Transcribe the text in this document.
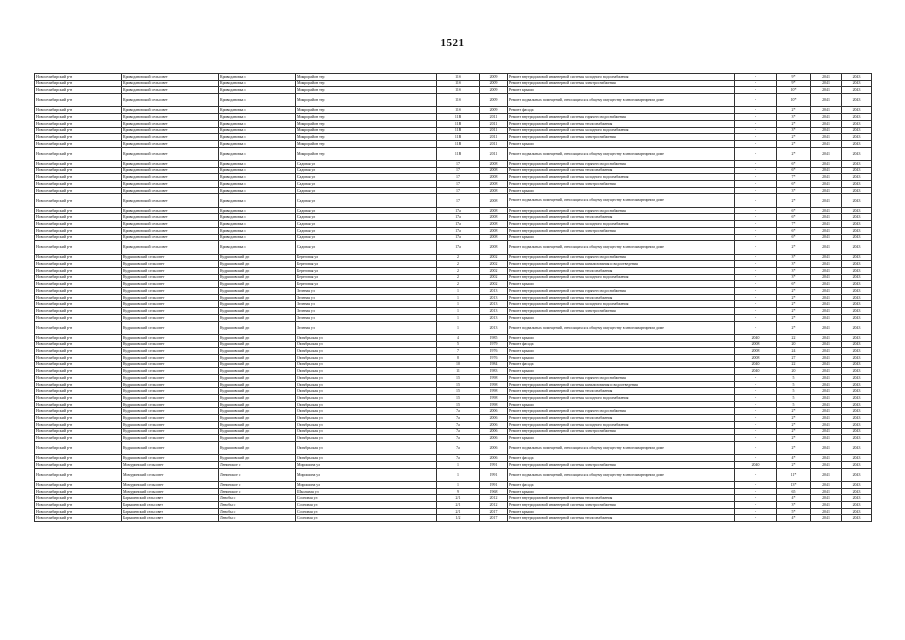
1521
Новоселибирский р-н	Криводановский сельсовет	Криводановка с	Микрорайон тер	11б	2009	Ремонт внутридомовой инженерной системы холодного водоснабжения	-	9*	2041	2043
Новоселибирский р-н	Криводановский сельсовет	Криводановка с	Микрорайон тер	11б	2009	Ремонт внутридомовой инженерной системы электроснабжения	-	9*	2041	2043
Новоселибирский р-н	Криводановский сельсовет	Криводановка с	Микрорайон тер	11б	2009	Ремонт крыши	-	10*	2041	2043
Новоселибирский р-н	Криводановский сельсовет	Криводановка с	Микрорайон тер	11б	2009	Ремонт подвальных помещений, относящихся к общему имуществу в многоквартирном доме	-	10*	2041	2043
Новоселибирский р-н	Криводановский сельсовет	Криводановка с	Микрорайон тер	11б	2009	Ремонт фасада	-	2*	2041	2043
Новоселибирский р-н	Криводановский сельсовет	Криводановка с	Микрорайон тер	11В	2011	Ремонт внутридомовой инженерной системы горячего водоснабжения	-	3*	2041	2043
Новоселибирский р-н	Криводановский сельсовет	Криводановка с	Микрорайон тер	11В	2011	Ремонт внутридомовой инженерной системы теплоснабжения	-	2*	2041	2043
Новоселибирский р-н	Криводановский сельсовет	Криводановка с	Микрорайон тер	11В	2011	Ремонт внутридомовой инженерной системы холодного водоснабжения	-	3*	2041	2043
Новоселибирский р-н	Криводановский сельсовет	Криводановка с	Микрорайон тер	11В	2011	Ремонт внутридомовой инженерной системы электроснабжения	-	2*	2041	2043
Новоселибирский р-н	Криводановский сельсовет	Криводановка с	Микрорайон тер	11В	2011	Ремонт крыши	-	2*	2041	2043
Новоселибирский р-н	Криводановский сельсовет	Криводановка с	Микрорайон тер	11В	2011	Ремонт подвальных помещений, относящихся к общему имуществу в многоквартирном доме	-	2*	2041	2043
Новоселибирский р-н	Криводановский сельсовет	Криводановка с	Садовая ул	17	2008	Ремонт внутридомовой инженерной системы горячего водоснабжения	-	6*	2041	2043
Новоселибирский р-н	Криводановский сельсовет	Криводановка с	Садовая ул	17	2008	Ремонт внутридомовой инженерной системы теплоснабжения	-	6*	2041	2043
Новоселибирский р-н	Криводановский сельсовет	Криводановка с	Садовая ул	17	2008	Ремонт внутридомовой инженерной системы холодного водоснабжения	-	7*	2041	2043
Новоселибирский р-н	Криводановский сельсовет	Криводановка с	Садовая ул	17	2008	Ремонт внутридомовой инженерной системы электроснабжения	-	6*	2041	2043
Новоселибирский р-н	Криводановский сельсовет	Криводановка с	Садовая ул	17	2008	Ремонт крыши	-	3*	2041	2043
Новоселибирский р-н	Криводановский сельсовет	Криводановка с	Садовая ул	17	2008	Ремонт подвальных помещений, относящихся к общему имуществу в многоквартирном доме	-	2*	2041	2043
Новоселибирский р-н	Криводановский сельсовет	Криводановка с	Садовая ул	17а	2008	Ремонт внутридомовой инженерной системы горячего водоснабжения	-	6*	2041	2043
Новоселибирский р-н	Криводановский сельсовет	Криводановка с	Садовая ул	17а	2008	Ремонт внутридомовой инженерной системы теплоснабжения	-	6*	2041	2043
Новоселибирский р-н	Криводановский сельсовет	Криводановка с	Садовая ул	17а	2008	Ремонт внутридомовой инженерной системы холодного водоснабжения	-	7*	2041	2043
Новоселибирский р-н	Криводановский сельсовет	Криводановка с	Садовая ул	17а	2008	Ремонт внутридомовой инженерной системы электроснабжения	-	6*	2041	2043
Новоселибирский р-н	Криводановский сельсовет	Криводановка с	Садовая ул	17а	2008	Ремонт крыши	-	6*	2041	2043
Новоселибирский р-н	Криводановский сельсовет	Криводановка с	Садовая ул	17а	2008	Ремонт подвальных помещений, относящихся к общему имуществу в многоквартирном доме	-	2*	2041	2043
Новоселибирский р-н	Кудряшовский сельсовет	Кудряшовский дп	Береговая ул	2	2002	Ремонт внутридомовой инженерной системы горячего водоснабжения	-	3*	2041	2043
Новоселибирский р-н	Кудряшовский сельсовет	Кудряшовский дп	Береговая ул	2	2002	Ремонт внутридомовой инженерной системы канализования и водоотведения	-	3*	2041	2043
Новоселибирский р-н	Кудряшовский сельсовет	Кудряшовский дп	Береговая ул	2	2002	Ремонт внутридомовой инженерной системы теплоснабжения	-	3*	2041	2043
Новоселибирский р-н	Кудряшовский сельсовет	Кудряшовский дп	Береговая ул	2	2002	Ремонт внутридомовой инженерной системы холодного водоснабжения	-	3*	2041	2043
Новоселибирский р-н	Кудряшовский сельсовет	Кудряшовский дп	Береговая ул	2	2002	Ремонт крыши	-	6*	2041	2043
Новоселибирский р-н	Кудряшовский сельсовет	Кудряшовский дп	Зеленая ул	1	2013	Ремонт внутридомовой инженерной системы горячего водоснабжения	-	2*	2041	2043
Новоселибирский р-н	Кудряшовский сельсовет	Кудряшовский дп	Зеленая ул	1	2013	Ремонт внутридомовой инженерной системы теплоснабжения	-	2*	2041	2043
Новоселибирский р-н	Кудряшовский сельсовет	Кудряшовский дп	Зеленая ул	1	2013	Ремонт внутридомовой инженерной системы холодного водоснабжения	-	2*	2041	2043
Новоселибирский р-н	Кудряшовский сельсовет	Кудряшовский дп	Зеленая ул	1	2013	Ремонт внутридомовой инженерной системы электроснабжения	-	2*	2041	2043
Новоселибирский р-н	Кудряшовский сельсовет	Кудряшовский дп	Зеленая ул	1	2013	Ремонт крыши	-	2*	2041	2043
Новоселибирский р-н	Кудряшовский сельсовет	Кудряшовский дп	Зеленая ул	1	2013	Ремонт подвальных помещений, относящихся к общему имуществу в многоквартирном доме	-	2*	2041	2043
Новоселибирский р-н	Кудряшовский сельсовет	Кудряшовский дп	Октябрьская ул	4	1985	Ремонт крыши	2040	22	2041	2043
Новоселибирский р-н	Кудряшовский сельсовет	Кудряшовский дп	Октябрьская ул	5	1979	Ремонт фасада	2008	20	2041	2043
Новоселибирский р-н	Кудряшовский сельсовет	Кудряшовский дп	Октябрьская ул	7	1976	Ремонт крыши	2008	24	2041	2043
Новоселибирский р-н	Кудряшовский сельсовет	Кудряшовский дп	Октябрьская ул	8	1976	Ремонт крыши	2008	27	2041	2043
Новоселибирский р-н	Кудряшовский сельсовет	Кудряшовский дп	Октябрьская ул	10	1984	Ремонт фасада	2040	22	2041	2043
Новоселибирский р-н	Кудряшовский сельсовет	Кудряшовский дп	Октябрьская ул	11	1983	Ремонт крыши	2040	20	2041	2043
Новоселибирский р-н	Кудряшовский сельсовет	Кудряшовский дп	Октябрьская ул	15	1998	Ремонт внутридомовой инженерной системы горячего водоснабжения	-	5	2041	2043
Новоселибирский р-н	Кудряшовский сельсовет	Кудряшовский дп	Октябрьская ул	15	1998	Ремонт внутридомовой инженерной системы канализования и водоотведения	-	5	2041	2043
Новоселибирский р-н	Кудряшовский сельсовет	Кудряшовский дп	Октябрьская ул	15	1998	Ремонт внутридомовой инженерной системы теплоснабжения	-	5	2041	2043
Новоселибирский р-н	Кудряшовский сельсовет	Кудряшовский дп	Октябрьская ул	15	1998	Ремонт внутридомовой инженерной системы холодного водоснабжения	-	5	2041	2043
Новоселибирский р-н	Кудряшовский сельсовет	Кудряшовский дп	Октябрьская ул	15	1998	Ремонт крыши	-	5	2041	2043
Новоселибирский р-н	Кудряшовский сельсовет	Кудряшовский дп	Октябрьская ул	7а	2006	Ремонт внутридомовой инженерной системы горячего водоснабжения	-	2*	2041	2043
Новоселибирский р-н	Кудряшовский сельсовет	Кудряшовский дп	Октябрьская ул	7а	2006	Ремонт внутридомовой инженерной системы теплоснабжения	-	2*	2041	2043
Новоселибирский р-н	Кудряшовский сельсовет	Кудряшовский дп	Октябрьская ул	7а	2006	Ремонт внутридомовой инженерной системы холодного водоснабжения	-	2*	2041	2043
Новоселибирский р-н	Кудряшовский сельсовет	Кудряшовский дп	Октябрьская ул	7а	2006	Ремонт внутридомовой инженерной системы электроснабжения	-	2*	2041	2043
Новоселибирский р-н	Кудряшовский сельсовет	Кудряшовский дп	Октябрьская ул	7а	2006	Ремонт крыши	-	2*	2041	2043
Новоселибирский р-н	Кудряшовский сельсовет	Кудряшовский дп	Октябрьская ул	7а	2006	Ремонт подвальных помещений, относящихся к общему имуществу в многоквартирном доме	-	2*	2041	2043
Новоселибирский р-н	Кудряшовский сельсовет	Кудряшовский дп	Октябрьская ул	7а	2006	Ремонт фасада	-	4*	2041	2043
Новоселибирский р-н	Мичуринский сельсовет	Ленинское с	Мирошина ул	1	1991	Ремонт внутридомовой инженерной системы электроснабжения	2040	2*	2041	2043
Новоселибирский р-н	Мичуринский сельсовет	Ленинское с	Мирошина ул	1	1991	Ремонт подвальных помещений, относящихся к общему имуществу в многоквартирном доме	-	11*	2041	2043
Новоселибирский р-н	Мичуринский сельсовет	Ленинское с	Мирошина ул	1	1991	Ремонт фасада	-	13*	2041	2043
Новоселибирский р-н	Мичуринский сельсовет	Ленинское с	Школьная ул	9	1968	Ремонт крыши	-	65	2041	2043
Новоселибирский р-н	Барышевский сельсовет	Левобы с	Сосновая ул	2/1	2012	Ремонт внутридомовой инженерной системы теплоснабжения	-	4*	2041	2043
Новоселибирский р-н	Барышевский сельсовет	Левобы с	Сосновая ул	2/1	2012	Ремонт внутридомовой инженерной системы электроснабжения	-	3*	2041	2043
Новоселибирский р-н	Барышевский сельсовет	Левобы с	Сосновая ул	2/1	2017	Ремонт крыши	-	5*	2041	2043
Новоселибирский р-н	Барышевский сельсовет	Левобы с	Сосновая ул	1/2	2017	Ремонт внутридомовой инженерной системы теплоснабжения	-	4*	2041	2043
